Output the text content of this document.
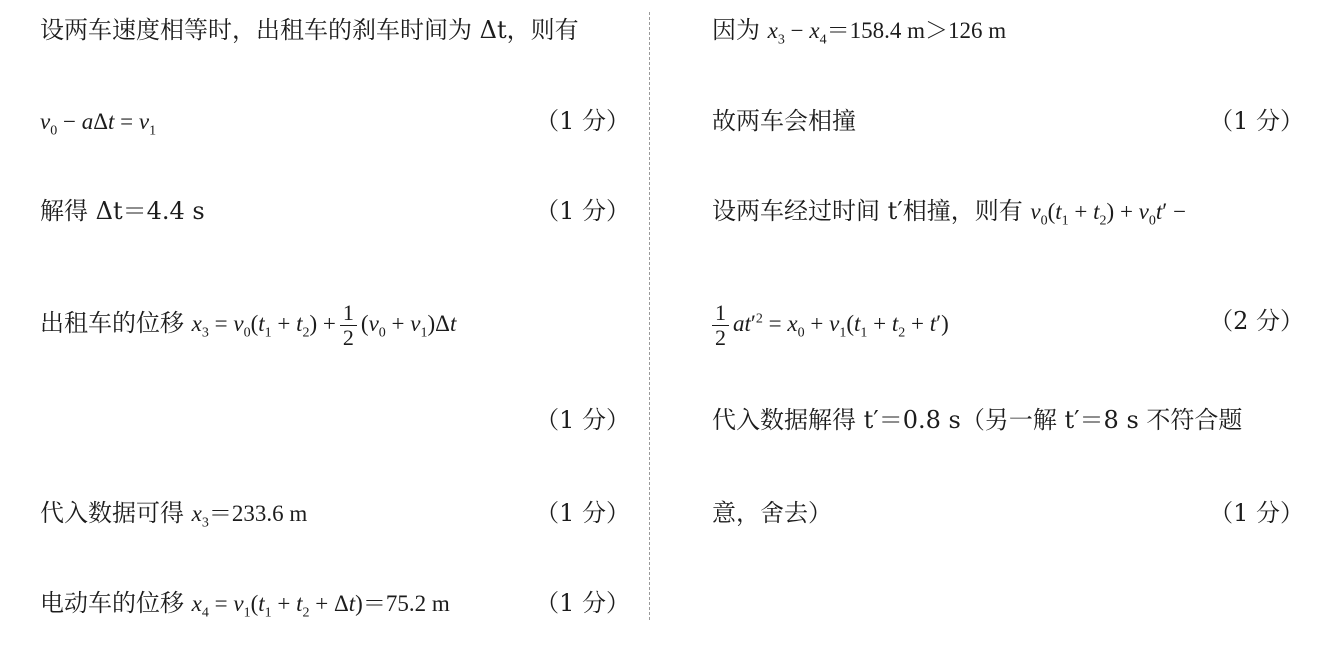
设两车速度相等时，出租车的刹车时间为 Δt，则有

$v_0 - a\Delta t = v_1$	（1 分）

解得 Δt＝4.4 s	（1 分）

出租车的位移 $x_3 = v_0(t_1 + t_2) + \frac{1}{2} (v_0 + v_1)\Delta t$

（1 分）

代入数据可得 $x_3=233.6$ m	（1 分）

电动车的位移 $x_4 = v_1(t_1 + t_2 + \Delta t)=75.2$ m	（1 分）

因为 $x_3 - x_4=158.4$ m＞126 m

故两车会相撞	（1 分）

设两车经过时间 t′相撞，则有 $v_0(t_1 + t_2) + v_0t'$ −

$\frac{1}{2} at'^2 = x_0 + v_1(t_1 + t_2 + t')$	（2 分）

代入数据解得 t′＝0.8 s（另一解 t′＝8 s 不符合题

意，舍去）	（1 分）
